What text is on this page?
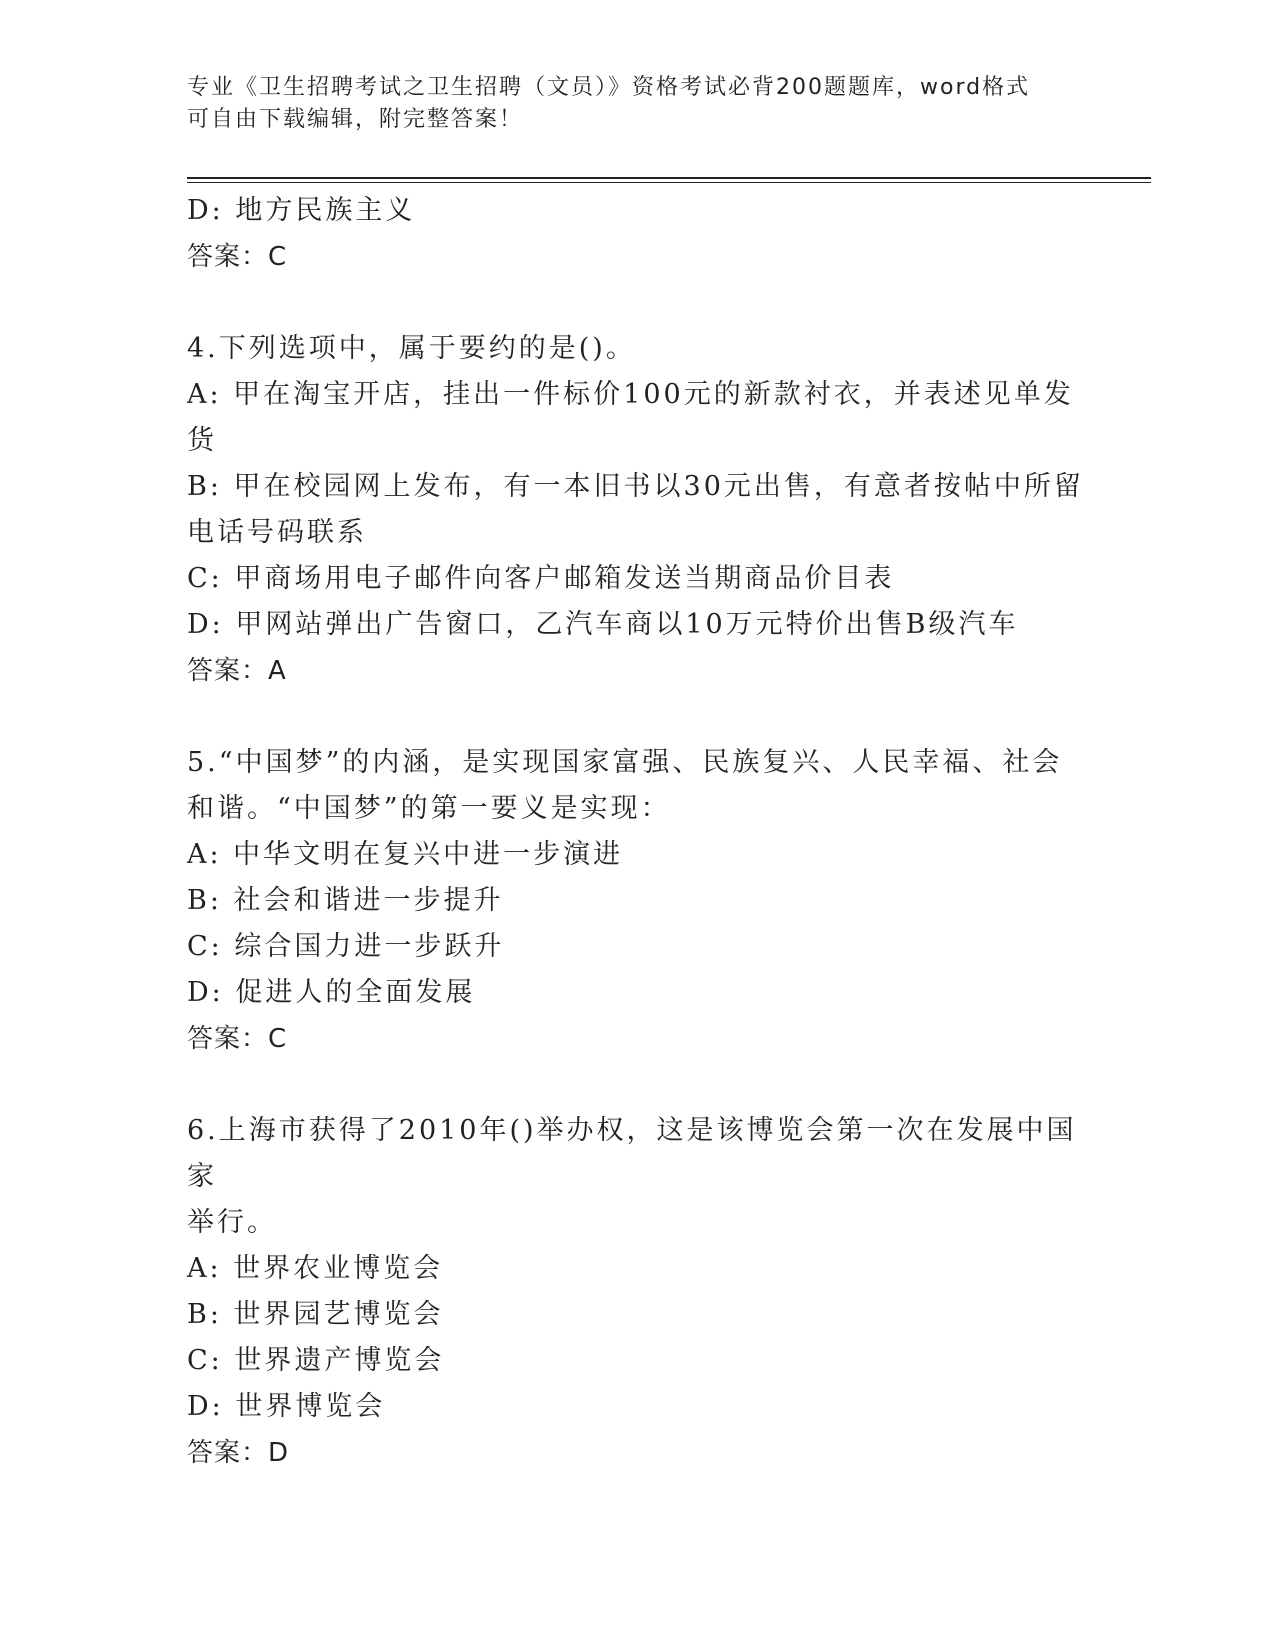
专业《卫生招聘考试之卫生招聘（文员）》资格考试必背200题题库，word格式
可自由下载编辑，附完整答案！
D: 地方民族主义
答案：C
4.下列选项中，属于要约的是()。
A: 甲在淘宝开店，挂出一件标价100元的新款衬衣，并表述见单发货
B: 甲在校园网上发布，有一本旧书以30元出售，有意者按帖中所留
电话号码联系
C: 甲商场用电子邮件向客户邮箱发送当期商品价目表
D: 甲网站弹出广告窗口，乙汽车商以10万元特价出售B级汽车
答案：A
5.“中国梦”的内涵，是实现国家富强、民族复兴、人民幸福、社会
和谐。“中国梦”的第一要义是实现：
A: 中华文明在复兴中进一步演进
B: 社会和谐进一步提升
C: 综合国力进一步跃升
D: 促进人的全面发展
答案：C
6.上海市获得了2010年()举办权，这是该博览会第一次在发展中国家
举行。
A: 世界农业博览会
B: 世界园艺博览会
C: 世界遗产博览会
D: 世界博览会
答案：D
